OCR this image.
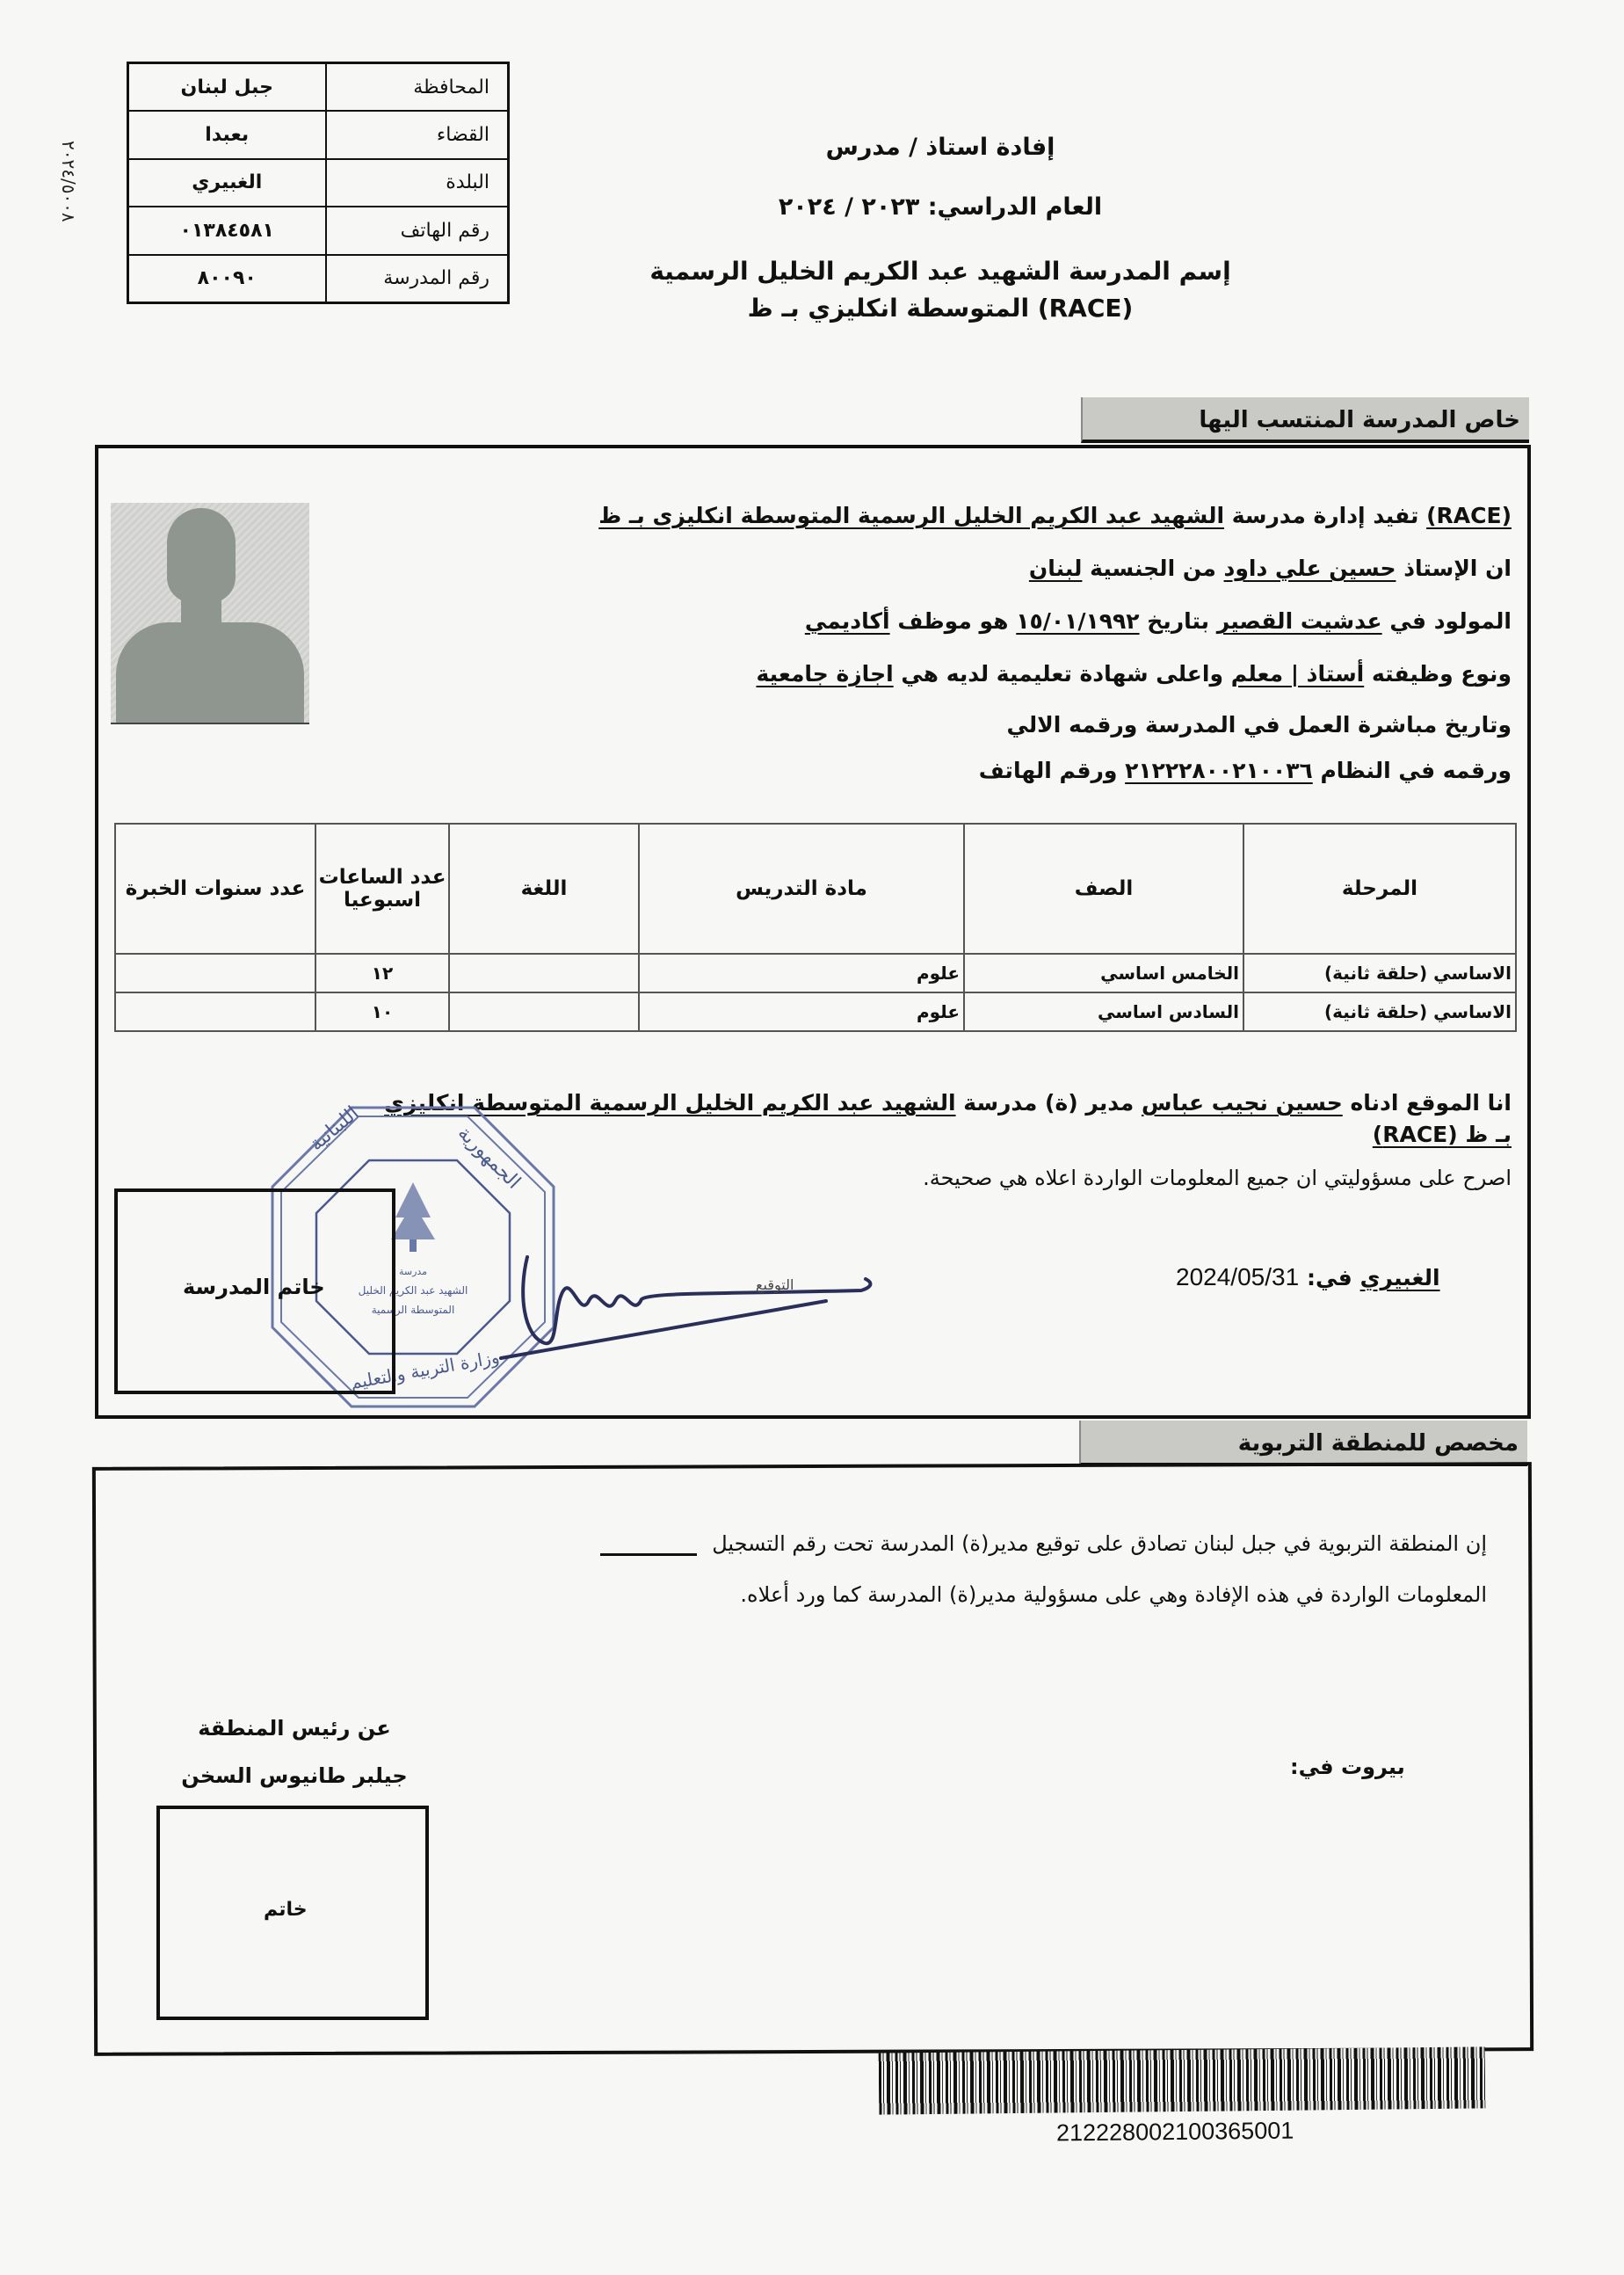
٢٠٢٤/٥٠٠٨
المحافظة	جبل لبنان
القضاء	بعبدا
البلدة	الغبيري
رقم الهاتف	٠١٣٨٤٥٨١
رقم المدرسة	٨٠٠٩٠
إفادة استاذ / مدرس
العام الدراسي: ٢٠٢٣ / ٢٠٢٤
إسم المدرسة الشهيد عبد الكريم الخليل الرسمية
(RACE) المتوسطة انكليزي بـ ظ
خاص المدرسة المنتسب اليها
(RACE) تفيد إدارة مدرسة الشهيد عبد الكريم الخليل الرسمية المتوسطة انكليزى بـ ظ
ان الإستاذ حسين علي داود من الجنسية لبنان
المولود في عدشيت القصير بتاريخ ١٥/٠١/١٩٩٢ هو موظف أكاديمي
ونوع وظيفته أستاذ | معلم واعلى شهادة تعليمية لديه هي اجازة جامعية
وتاريخ مباشرة العمل في المدرسة ورقمه الالي
ورقمه في النظام ٢١٢٢٢٨٠٠٢١٠٠٣٦ ورقم الهاتف
المرحلة	الصف	مادة التدريس	اللغة	عدد الساعات اسبوعيا	عدد سنوات الخبرة
الاساسي (حلقة ثانية)	الخامس اساسي	علوم		١٢	
الاساسي (حلقة ثانية)	السادس اساسي	علوم		١٠	
انا الموقع ادناه حسين نجيب عباس مدير (ة) مدرسة الشهيد عبد الكريم الخليل الرسمية المتوسطة انكليزي
بـ ظ (RACE)
اصرح على مسؤوليتي ان جميع المعلومات الواردة اعلاه هي صحيحة.
الغبيري في: 2024/05/31
مدرسة
الشهيد عبد الكريم الخليل
المتوسطة الرسمية
اللبنانية	الجمهورية
وزارة التربية والتعليم
التوقيع
خاتم المدرسة
مخصص للمنطقة التربوية
إن المنطقة التربوية في جبل لبنان تصادق على توقيع مدير(ة) المدرسة تحت رقم التسجيل
المعلومات الواردة في هذه الإفادة وهي على مسؤولية مدير(ة) المدرسة كما ورد أعلاه.
بيروت في:
عن رئيس المنطقة
جيلبر طانيوس السخن
خاتم
212228002100365001
